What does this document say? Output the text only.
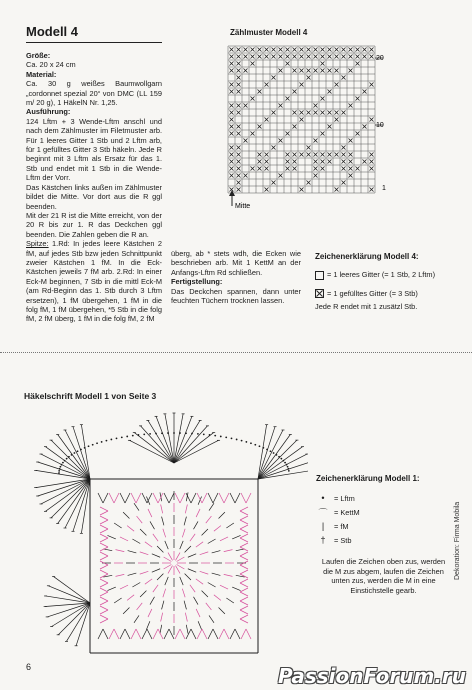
Modell 4
Größe:
Ca. 20 x 24 cm
Material:
Ca. 30 g weißes Baumwollgarn „cordonnet spezial 20“ von DMC (LL 159 m/ 20 g), 1 HäkelN Nr. 1,25.
Ausführung:
124 Lftm + 3 Wende-Lftm anschl und nach dem Zählmuster im Filetmuster arb. Für 1 leeres Gitter 1 Stb und 2 Lftm arb, für 1 gefülltes Gitter 3 Stb häkeln. Jede R beginnt mit 3 Lftm als Ersatz für das 1. Stb und endet mit 1 Stb in die Wende-Lftm der Vorr.
Das Kästchen links außen im Zählmuster bildet die Mitte. Vor dort aus die R ggl beenden.
Mit der 21 R ist die Mitte erreicht, von der 20 R bis zur 1. R das Deckchen ggl beenden. Die Zahlen geben die R an.
Spitze: 1.Rd: In jedes leere Kästchen 2 fM, auf jedes Stb bzw jeden Schnittpunkt zweier Kästchen 1 fM. In die Eck-Kästchen jeweils 7 fM arb. 2.Rd: In einer Eck-M beginnen, 7 Stb in die mittl Eck-M (am Rd-Beginn das 1. Stb durch 3 Lftm ersetzen), 1 fM übergehen, 1 fM in die folg fM, 1 fM übergehen, *5 Stb in die folg fM, 2 fM überg, 1 fM in die folg fM, 2 fM
überg, ab * stets wdh, die Ecken wie beschrieben arb. Mit 1 KettM an der Anfangs-Lftm Rd schließen.
Fertigstellung:
Das Deckchen spannen, dann unter feuchten Tüchern trocknen lassen.
Zählmuster Modell 4
20
10
1
Mitte
Zeichenerklärung Modell 4:
= 1 leeres Gitter (= 1 Stb, 2 Lftm)
= 1 gefülltes Gitter (= 3 Stb)
Jede R endet mit 1 zusätzl Stb.
Häkelschrift Modell 1 von Seite 3
Zeichenerklärung Modell 1:
•	= Lftm
⌒ = KettM
|	= fM
†	= Stb
Laufen die Zeichen oben zus, werden die M zus abgem, laufen die Zeichen unten zus, werden die M in eine Einstichstelle gearb.
Dekoration: Firma Mobila
6	PassionForum.ru
